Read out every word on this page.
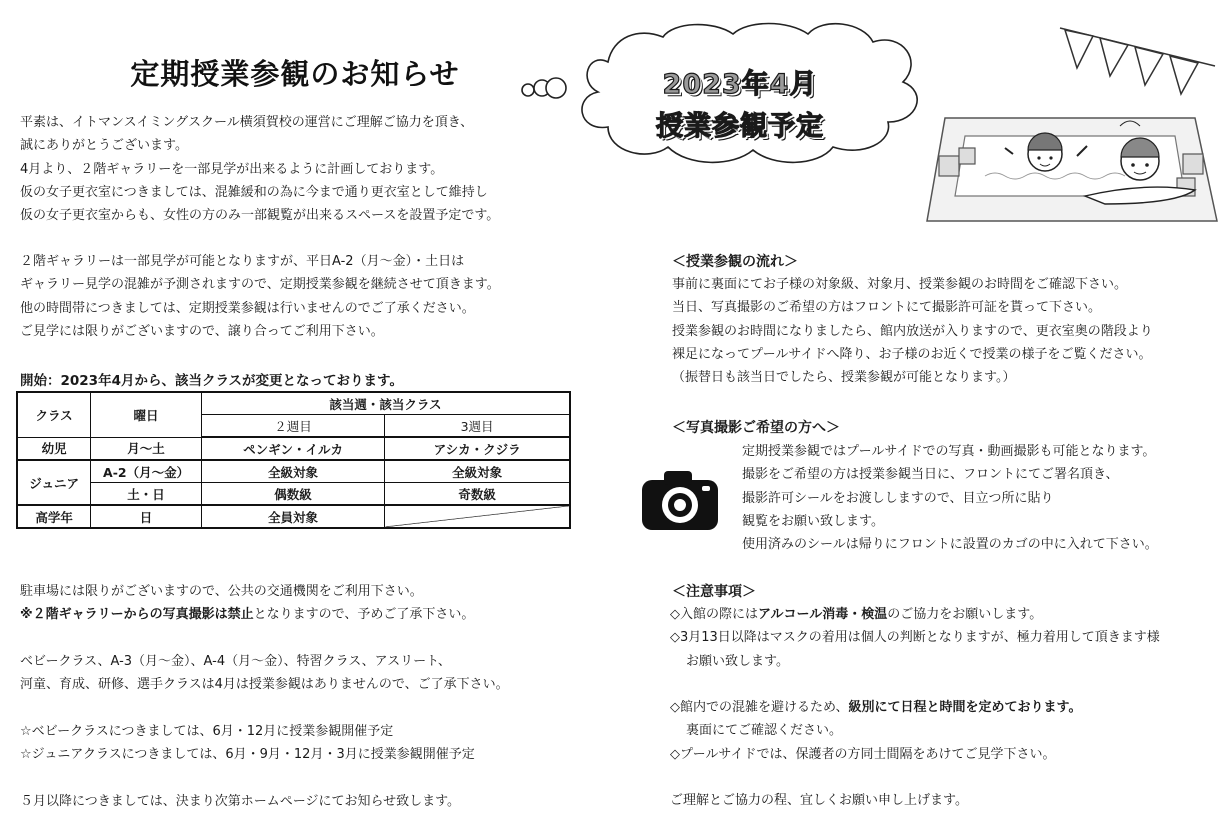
定期授業参観のお知らせ	2023年4月
授業参観予定
平素は、イトマンスイミングスクール横須賀校の運営にご理解ご協力を頂き、
誠にありがとうございます。
4月より、２階ギャラリーを一部見学が出来るように計画しております。
仮の女子更衣室につきましては、混雑緩和の為に今まで通り更衣室として維持し
仮の女子更衣室からも、女性の方のみ一部観覧が出来るスペースを設置予定です。
２階ギャラリーは一部見学が可能となりますが、平日A-2（月～金）・土日は
ギャラリー見学の混雑が予測されますので、定期授業参観を継続させて頂きます。
他の時間帯につきましては、定期授業参観は行いませんのでご了承ください。
ご見学には限りがございますので、譲り合ってご利用下さい。
開始：2023年4月から、該当クラスが変更となっております。
クラス	曜日	該当週・該当クラス	
		２週目	3週目
幼児	月～土	ペンギン・イルカ	アシカ・クジラ
ジュニア	A-2（月～金）	全級対象	全級対象
	土・日	偶数級	奇数級
高学年	日	全員対象	
駐車場には限りがございますので、公共の交通機関をご利用下さい。
※２階ギャラリーからの写真撮影は禁止となりますので、予めご了承下さい。
ベビークラス、A-3（月～金）、A-4（月～金）、特習クラス、アスリート、
河童、育成、研修、選手クラスは4月は授業参観はありませんので、ご了承下さい。
☆ベビークラスにつきましては、6月・12月に授業参観開催予定
☆ジュニアクラスにつきましては、6月・9月・12月・3月に授業参観開催予定
５月以降につきましては、決まり次第ホームページにてお知らせ致します。
＜授業参観の流れ＞
事前に裏面にてお子様の対象級、対象月、授業参観のお時間をご確認下さい。
当日、写真撮影のご希望の方はフロントにて撮影許可証を貰って下さい。
授業参観のお時間になりましたら、館内放送が入りますので、更衣室奥の階段より
裸足になってプールサイドへ降り、お子様のお近くで授業の様子をご覧ください。
（振替日も該当日でしたら、授業参観が可能となります。）
＜写真撮影ご希望の方へ＞
定期授業参観ではプールサイドでの写真・動画撮影も可能となります。
撮影をご希望の方は授業参観当日に、フロントにてご署名頂き、
撮影許可シールをお渡ししますので、目立つ所に貼り
観覧をお願い致します。
使用済みのシールは帰りにフロントに設置のカゴの中に入れて下さい。
＜注意事項＞
◇入館の際にはアルコール消毒・検温のご協力をお願いします。
◇3月13日以降はマスクの着用は個人の判断となりますが、極力着用して頂きます様
お願い致します。
◇館内での混雑を避けるため、級別にて日程と時間を定めております。
裏面にてご確認ください。
◇プールサイドでは、保護者の方同士間隔をあけてご見学下さい。
ご理解とご協力の程、宜しくお願い申し上げます。
